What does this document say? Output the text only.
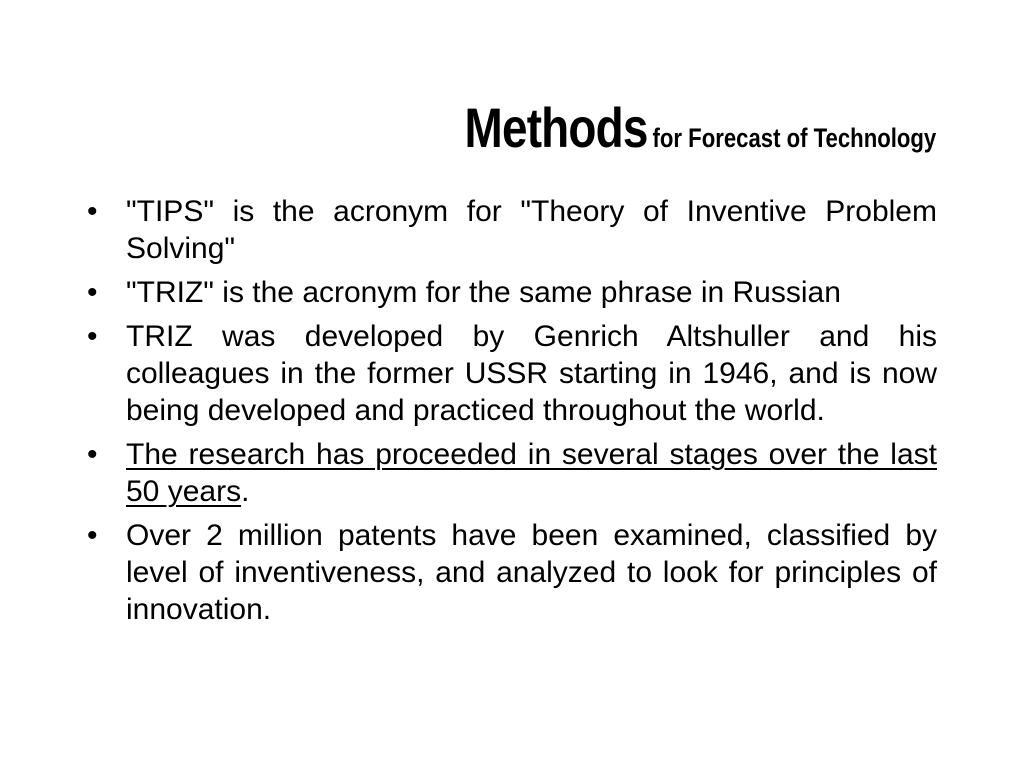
Methods for Forecast of Technology
• "TIPS" is the acronym for "Theory of Inventive Problem Solving"
• "TRIZ" is the acronym for the same phrase in Russian
• TRIZ was developed by Genrich Altshuller and his colleagues in the former USSR starting in 1946, and is now being developed and practiced throughout the world.
• The research has proceeded in several stages over the last 50 years.
• Over 2 million patents have been examined, classified by level of inventiveness, and analyzed to look for principles of innovation.
